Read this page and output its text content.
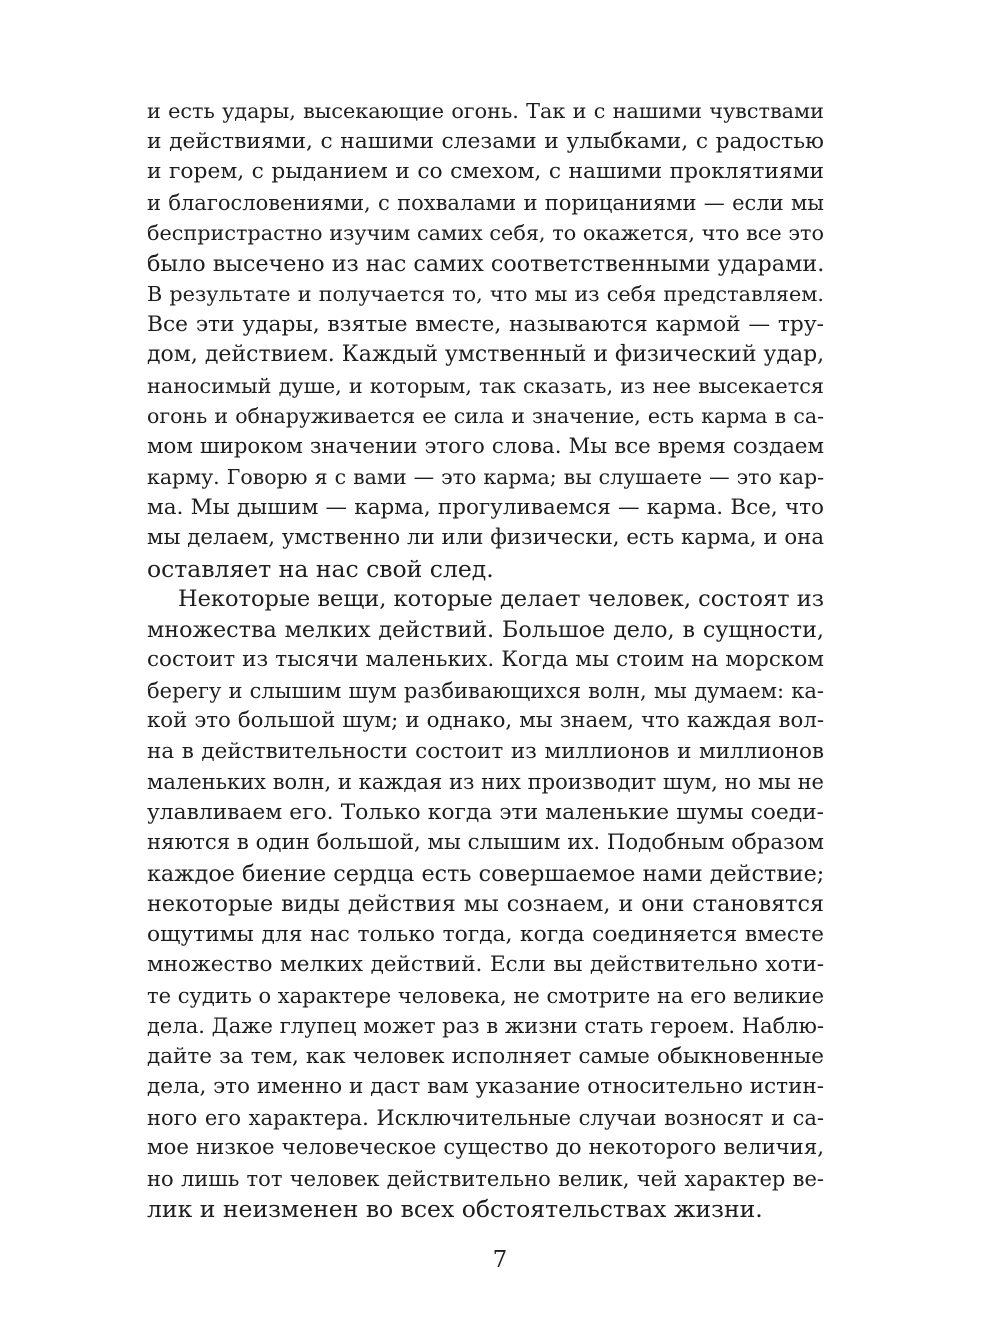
и есть удары, высекающие огонь. Так и с нашими чувствами
и действиями, с нашими слезами и улыбками, с радостью
и горем, с рыданием и со смехом, с нашими проклятиями
и благословениями, с похвалами и порицаниями — если мы
беспристрастно изучим самих себя, то окажется, что все это
было высечено из нас самих соответственными ударами.
В результате и получается то, что мы из себя представляем.
Все эти удары, взятые вместе, называются кармой — тру-
дом, действием. Каждый умственный и физический удар,
наносимый душе, и которым, так сказать, из нее высекается
огонь и обнаруживается ее сила и значение, есть карма в са-
мом широком значении этого слова. Мы все время создаем
карму. Говорю я с вами — это карма; вы слушаете — это кар-
ма. Мы дышим — карма, прогуливаемся — карма. Все, что
мы делаем, умственно ли или физически, есть карма, и она
оставляет на нас свой след.
Некоторые вещи, которые делает человек, состоят из
множества мелких действий. Большое дело, в сущности,
состоит из тысячи маленьких. Когда мы стоим на морском
берегу и слышим шум разбивающихся волн, мы думаем: ка-
кой это большой шум; и однако, мы знаем, что каждая вол-
на в действительности состоит из миллионов и миллионов
маленьких волн, и каждая из них производит шум, но мы не
улавливаем его. Только когда эти маленькие шумы соеди-
няются в один большой, мы слышим их. Подобным образом
каждое биение сердца есть совершаемое нами действие;
некоторые виды действия мы сознаем, и они становятся
ощутимы для нас только тогда, когда соединяется вместе
множество мелких действий. Если вы действительно хоти-
те судить о характере человека, не смотрите на его великие
дела. Даже глупец может раз в жизни стать героем. Наблю-
дайте за тем, как человек исполняет самые обыкновенные
дела, это именно и даст вам указание относительно истин-
ного его характера. Исключительные случаи возносят и са-
мое низкое человеческое существо до некоторого величия,
но лишь тот человек действительно велик, чей характер ве-
лик и неизменен во всех обстоятельствах жизни.
7
